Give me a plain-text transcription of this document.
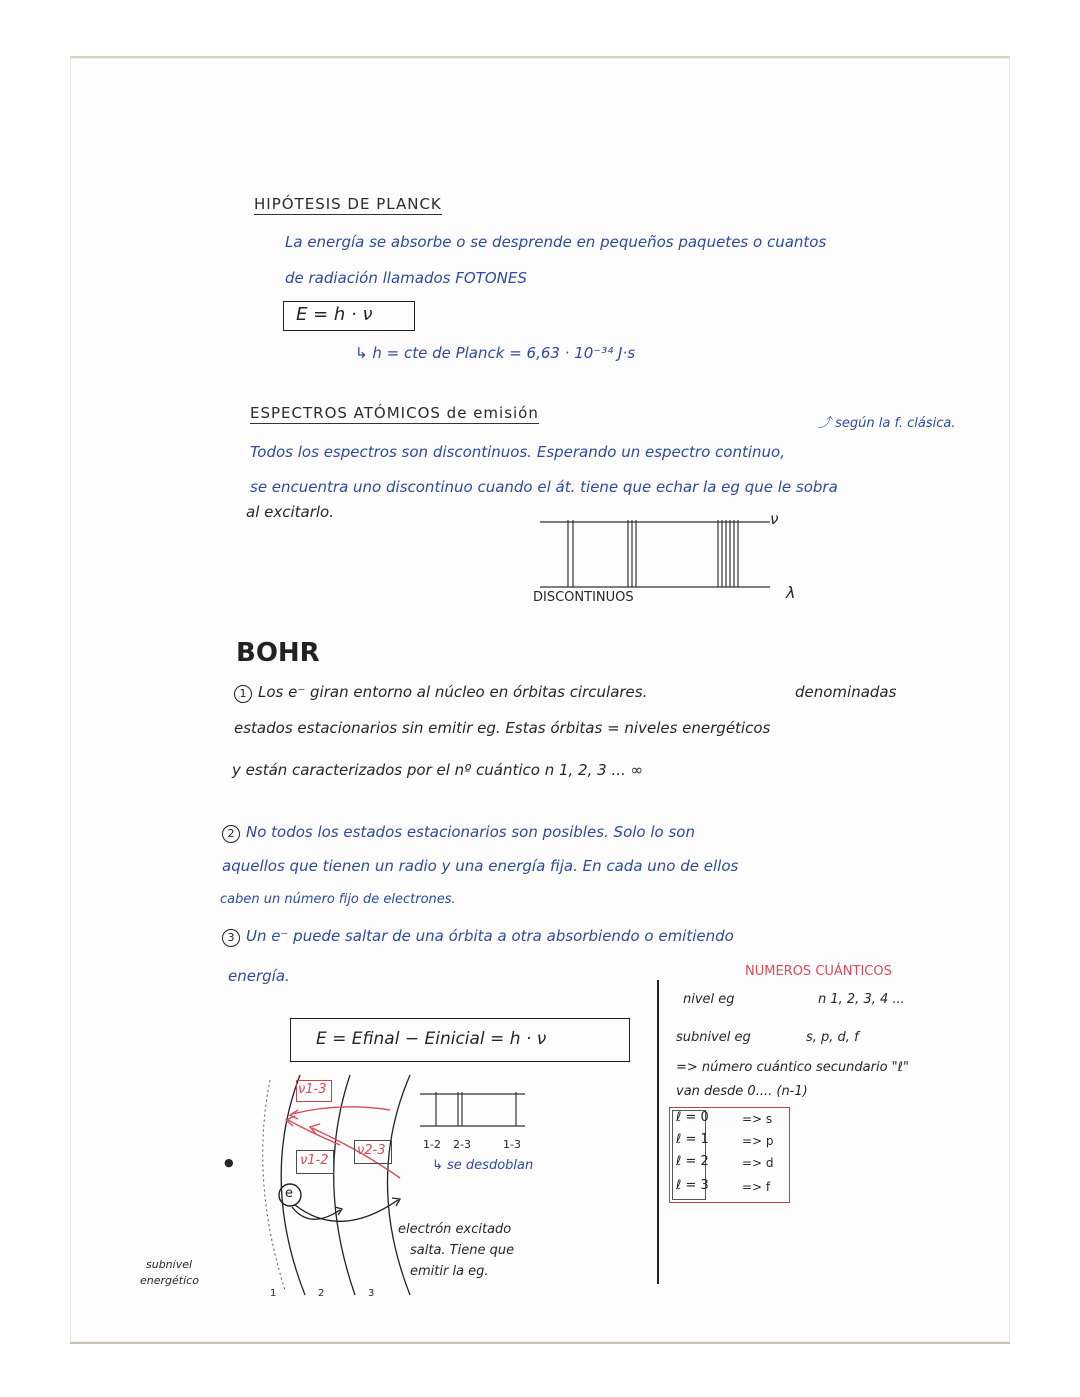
HIPÓTESIS DE PLANCK
La energía se absorbe o se desprende en pequeños paquetes o cuantos
de radiación llamados FOTONES
E = h · ν
↳ h = cte de Planck = 6,63 · 10⁻³⁴ J·s
ESPECTROS ATÓMICOS de emisión
⤴ según la f. clásica.
Todos los espectros son discontinuos. Esperando un espectro continuo,
se encuentra uno discontinuo cuando el át. tiene que echar la eg que le sobra
al excitarlo.	ν
λ
DISCONTINUOS
BOHR
1 Los e⁻ giran entorno al núcleo en órbitas circulares.	denominadas
estados estacionarios sin emitir eg. Estas órbitas = niveles energéticos
y están caracterizados por el nº cuántico n 1, 2, 3 ... ∞
2 No todos los estados estacionarios son posibles. Solo lo son
aquellos que tienen un radio y una energía fija. En cada uno de ellos
caben un número fijo de electrones.
3 Un e⁻ puede saltar de una órbita a otra absorbiendo o emitiendo
energía.
E = Efinal − Einicial = h · ν
ν1-3
ν1-2
ν2-3
e
1	2	3
●
1-2 2-3	1-3
↳ se desdoblan
electrón excitado
salta. Tiene que
emitir la eg.
subnivel
energético
NUMEROS CUÁNTICOS
nivel eg	n 1, 2, 3, 4 ...
subnivel eg	s, p, d, f
=> número cuántico secundario "ℓ"
van desde 0.... (n-1)
ℓ = 0	=> s
ℓ = 1	=> p
ℓ = 2	=> d
ℓ = 3	=> f
